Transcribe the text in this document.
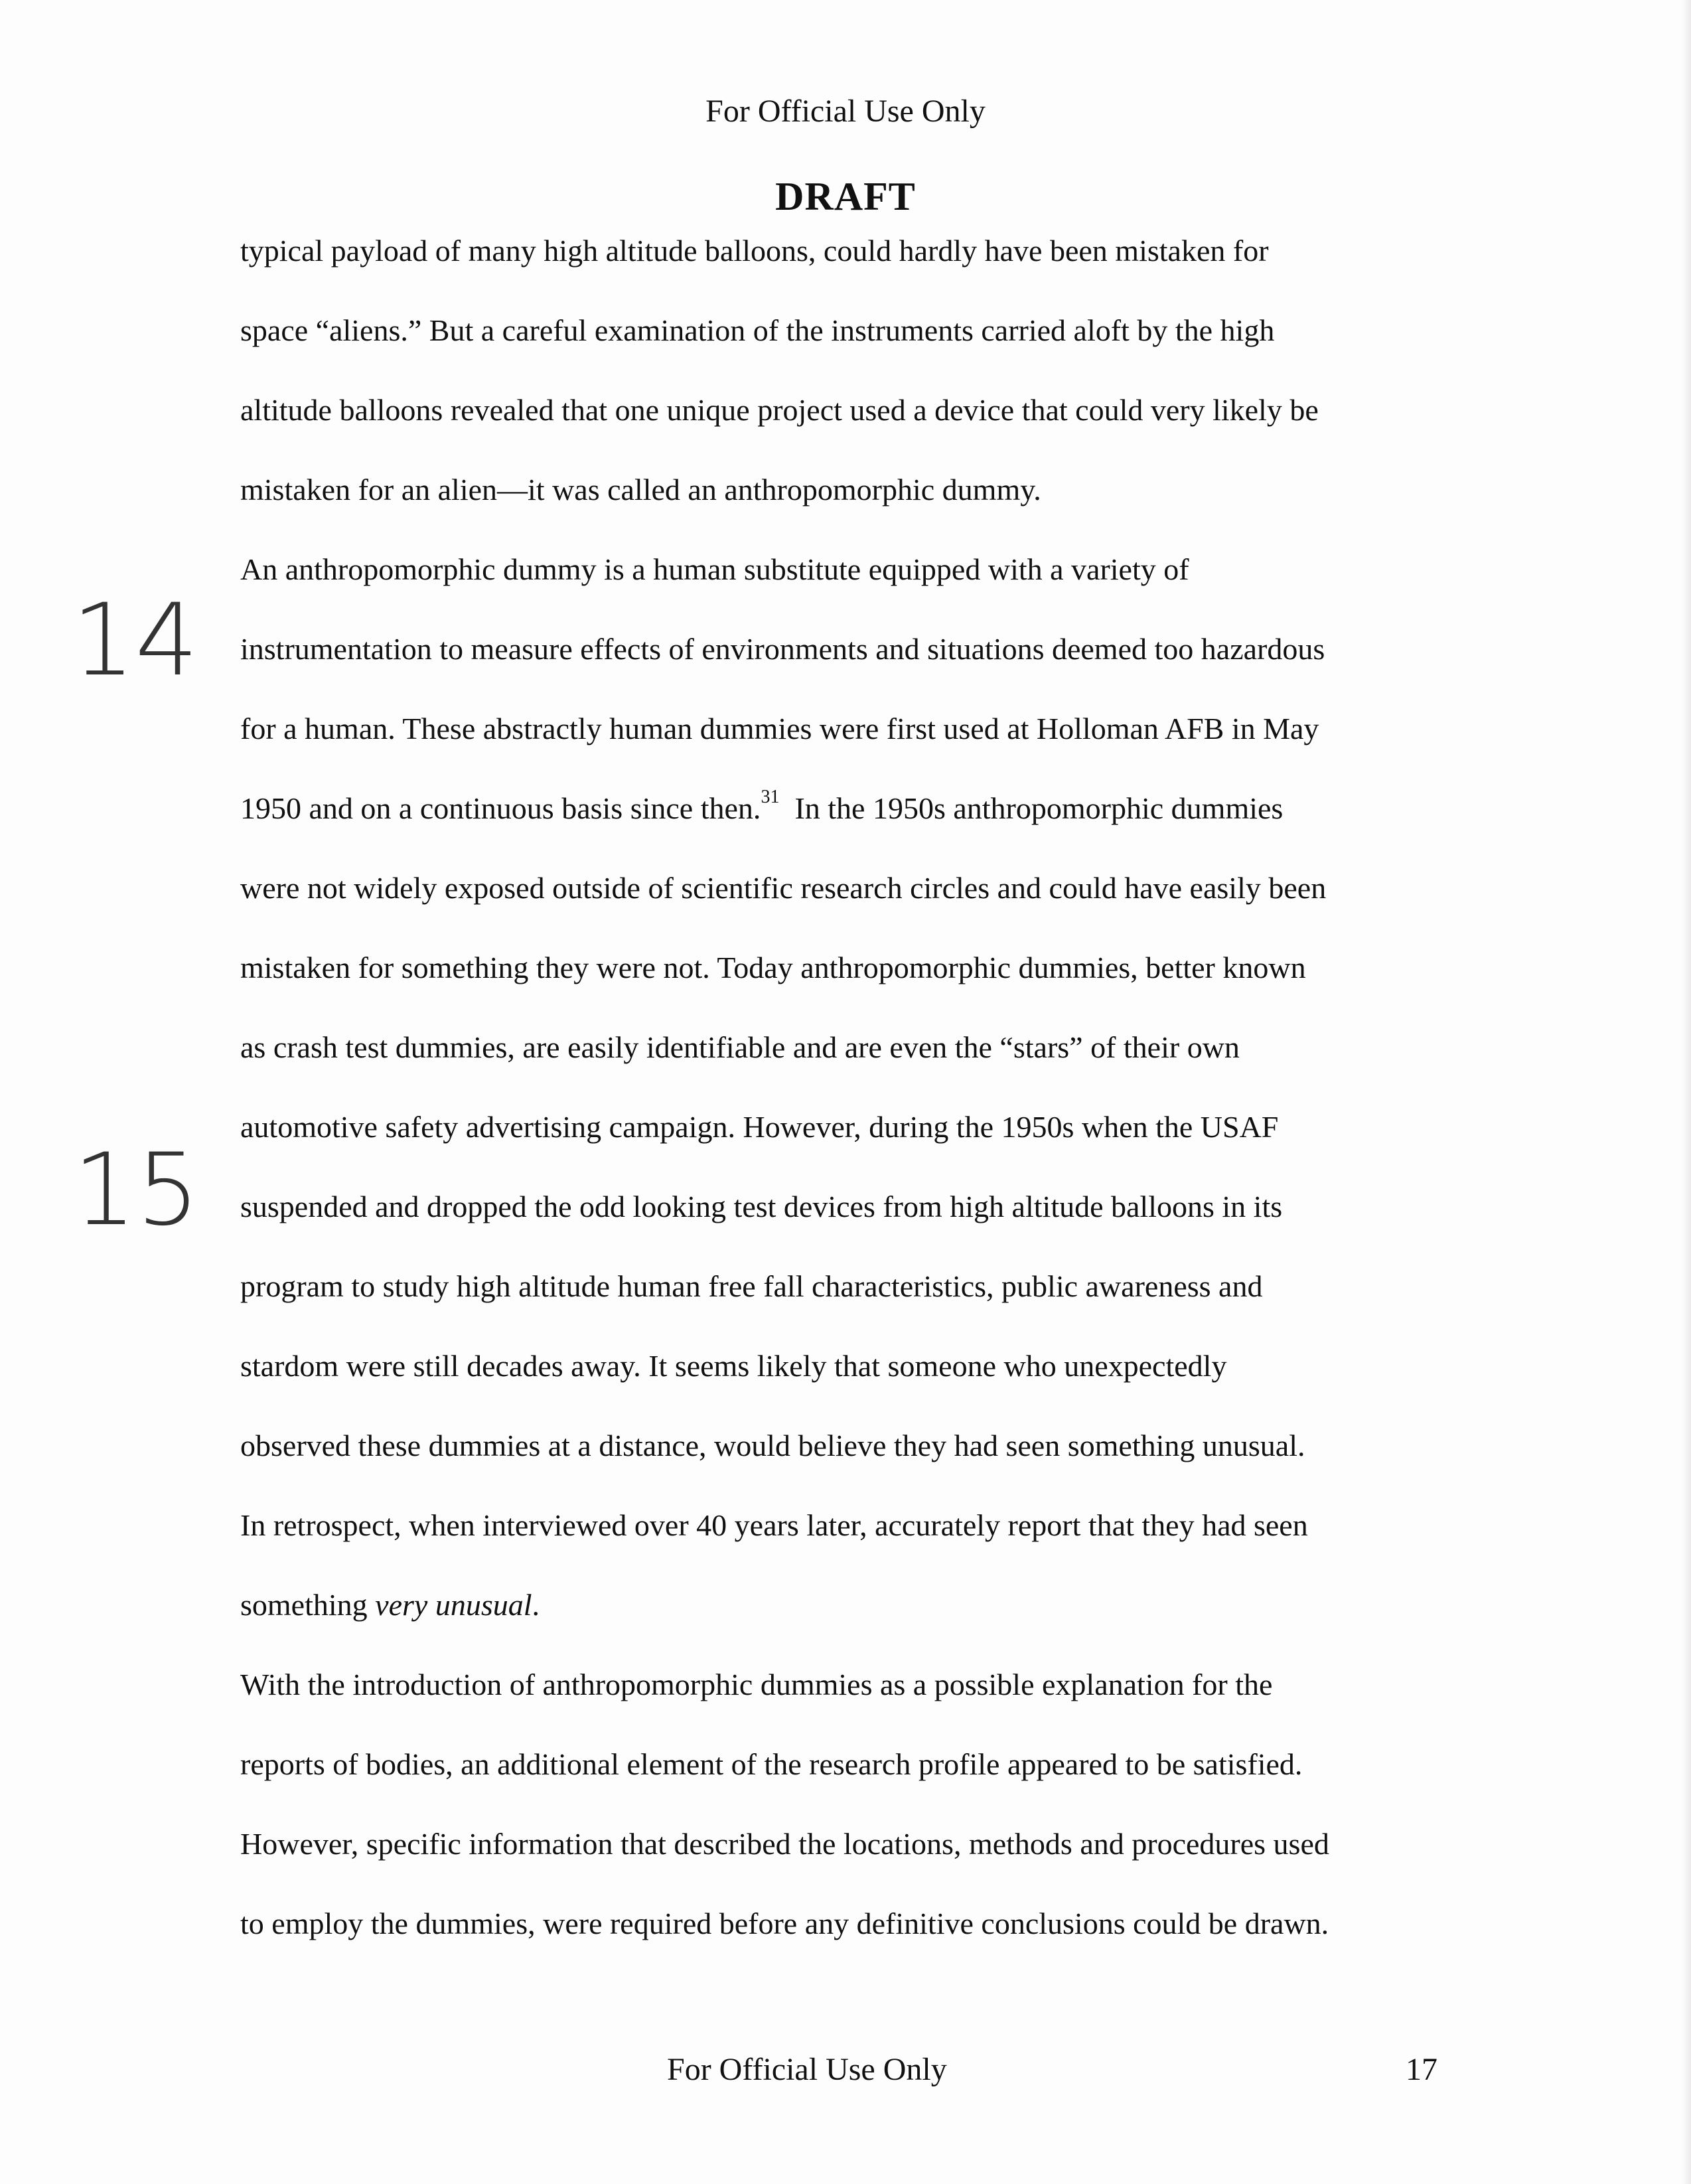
For Official Use Only
DRAFT
14
15
typical payload of many high altitude balloons, could hardly have been mistaken for
space “aliens.” But a careful examination of the instruments carried aloft by the high
altitude balloons revealed that one unique project used a device that could very likely be
mistaken for an alien—it was called an anthropomorphic dummy.
An anthropomorphic dummy is a human substitute equipped with a variety of
instrumentation to measure effects of environments and situations deemed too hazardous
for a human. These abstractly human dummies were first used at Holloman AFB in May
1950 and on a continuous basis since then.$^{31}$  In the 1950s anthropomorphic dummies
were not widely exposed outside of scientific research circles and could have easily been
mistaken for something they were not. Today anthropomorphic dummies, better known
as crash test dummies, are easily identifiable and are even the “stars” of their own
automotive safety advertising campaign. However, during the 1950s when the USAF
suspended and dropped the odd looking test devices from high altitude balloons in its
program to study high altitude human free fall characteristics, public awareness and
stardom were still decades away. It seems likely that someone who unexpectedly
observed these dummies at a distance, would believe they had seen something unusual.
In retrospect, when interviewed over 40 years later, accurately report that they had seen
something very unusual.
With the introduction of anthropomorphic dummies as a possible explanation for the
reports of bodies, an additional element of the research profile appeared to be satisfied.
However, specific information that described the locations, methods and procedures used
to employ the dummies, were required before any definitive conclusions could be drawn.
For Official Use Only	17
